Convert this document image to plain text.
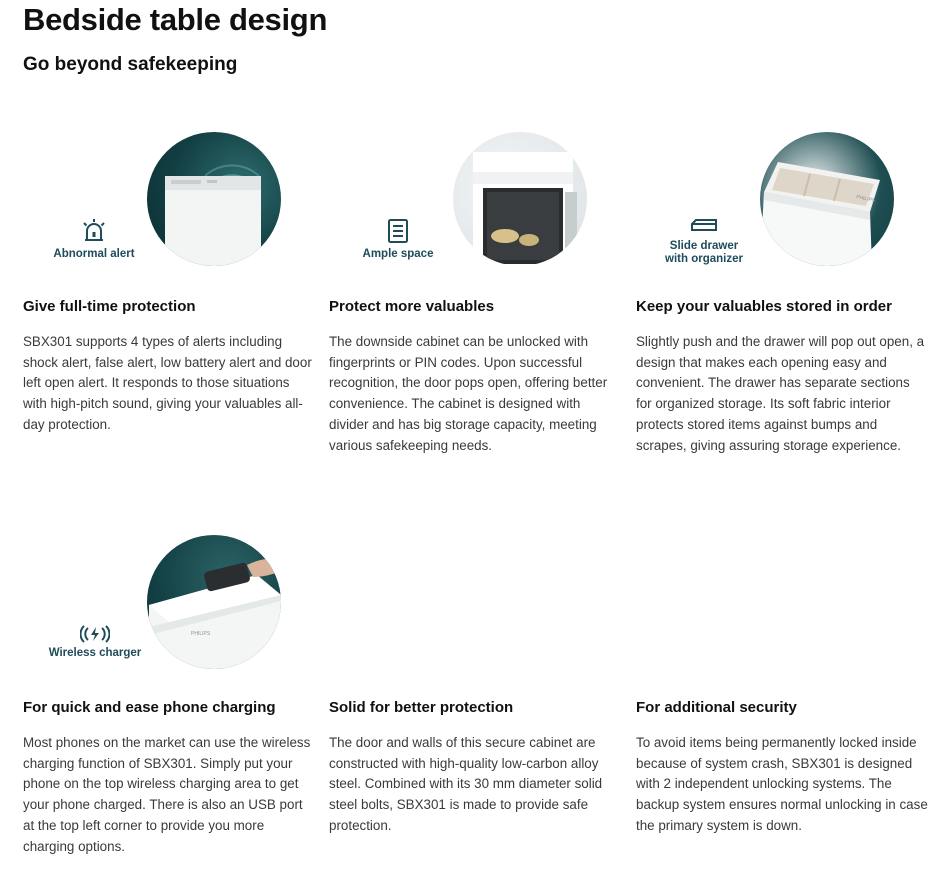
Bedside table design
Go beyond safekeeping
Abnormal alert
Give full-time protection

SBX301 supports 4 types of alerts including shock alert, false alert, low battery alert and door left open alert. It responds to those situations with high-pitch sound, giving your valuables all-day protection.

Ample space
Protect more valuables

The downside cabinet can be unlocked with fingerprints or PIN codes. Upon successful recognition, the door pops open, offering better convenience. The cabinet is designed with divider and has big storage capacity, meeting various safekeeping needs.

Slide drawer
with organizer
PHILIPS
Keep your valuables stored in order

Slightly push and the drawer will pop out open, a design that makes each opening easy and convenient. The drawer has separate sections for organized storage. Its soft fabric interior protects stored items against bumps and scrapes, giving assuring storage experience.

Wireless charger
PHILIPS
For quick and ease phone charging

Most phones on the market can use the wireless charging function of SBX301. Simply put your phone on the top wireless charging area to get your phone charged. There is also an USB port at the top left corner to provide you more charging options.

Solid for better protection

The door and walls of this secure cabinet are constructed with high-quality low-carbon alloy steel. Combined with its 30 mm diameter solid steel bolts, SBX301 is made to provide safe protection.

For additional security

To avoid items being permanently locked inside because of system crash, SBX301 is designed with 2 independent unlocking systems. The backup system ensures normal unlocking in case the primary system is down.
